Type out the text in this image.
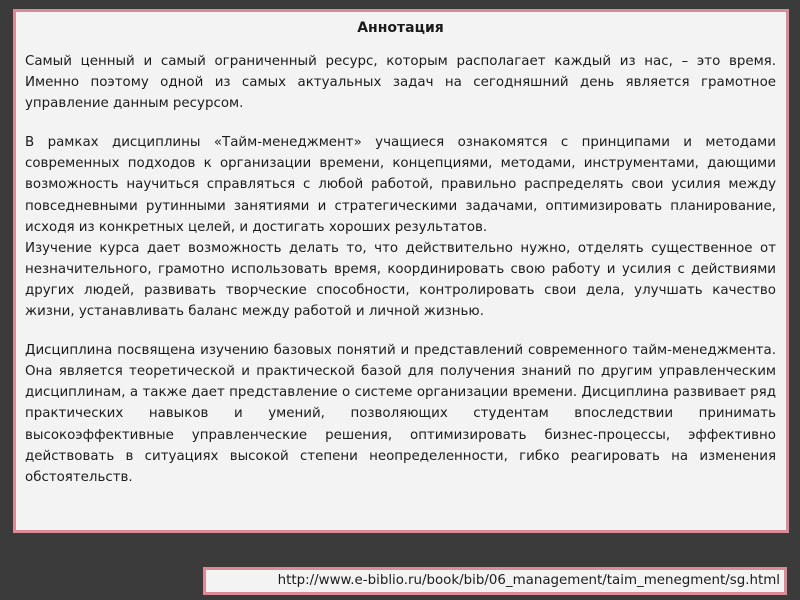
Аннотация

Самый ценный и самый ограниченный ресурс, которым располагает каждый из нас, – это время. Именно поэтому одной из самых актуальных задач на сегодняшний день является грамотное управление данным ресурсом.

В рамках дисциплины «Тайм-менеджмент» учащиеся ознакомятся с принципами и методами современных подходов к организации времени, концепциями, методами, инструментами, дающими возможность научиться справляться с любой работой, правильно распределять свои усилия между повседневными рутинными занятиями и стратегическими задачами, оптимизировать планирование, исходя из конкретных целей, и достигать хороших результатов.

Изучение курса дает возможность делать то, что действительно нужно, отделять существенное от незначительного, грамотно использовать время, координировать свою работу и усилия с действиями других людей, развивать творческие способности, контролировать свои дела, улучшать качество жизни, устанавливать баланс между работой и личной жизнью.

Дисциплина посвящена изучению базовых понятий и представлений современного тайм-менеджмента. Она является теоретической и практической базой для получения знаний по другим управленческим дисциплинам, а также дает представление о системе организации времени. Дисциплина развивает ряд практических навыков и умений, позволяющих студентам впоследствии принимать высокоэффективные управленческие решения, оптимизировать бизнес-процессы, эффективно действовать в ситуациях высокой степени неопределенности, гибко реагировать на изменения обстоятельств.

http://www.e-biblio.ru/book/bib/06_management/taim_menegment/sg.html
